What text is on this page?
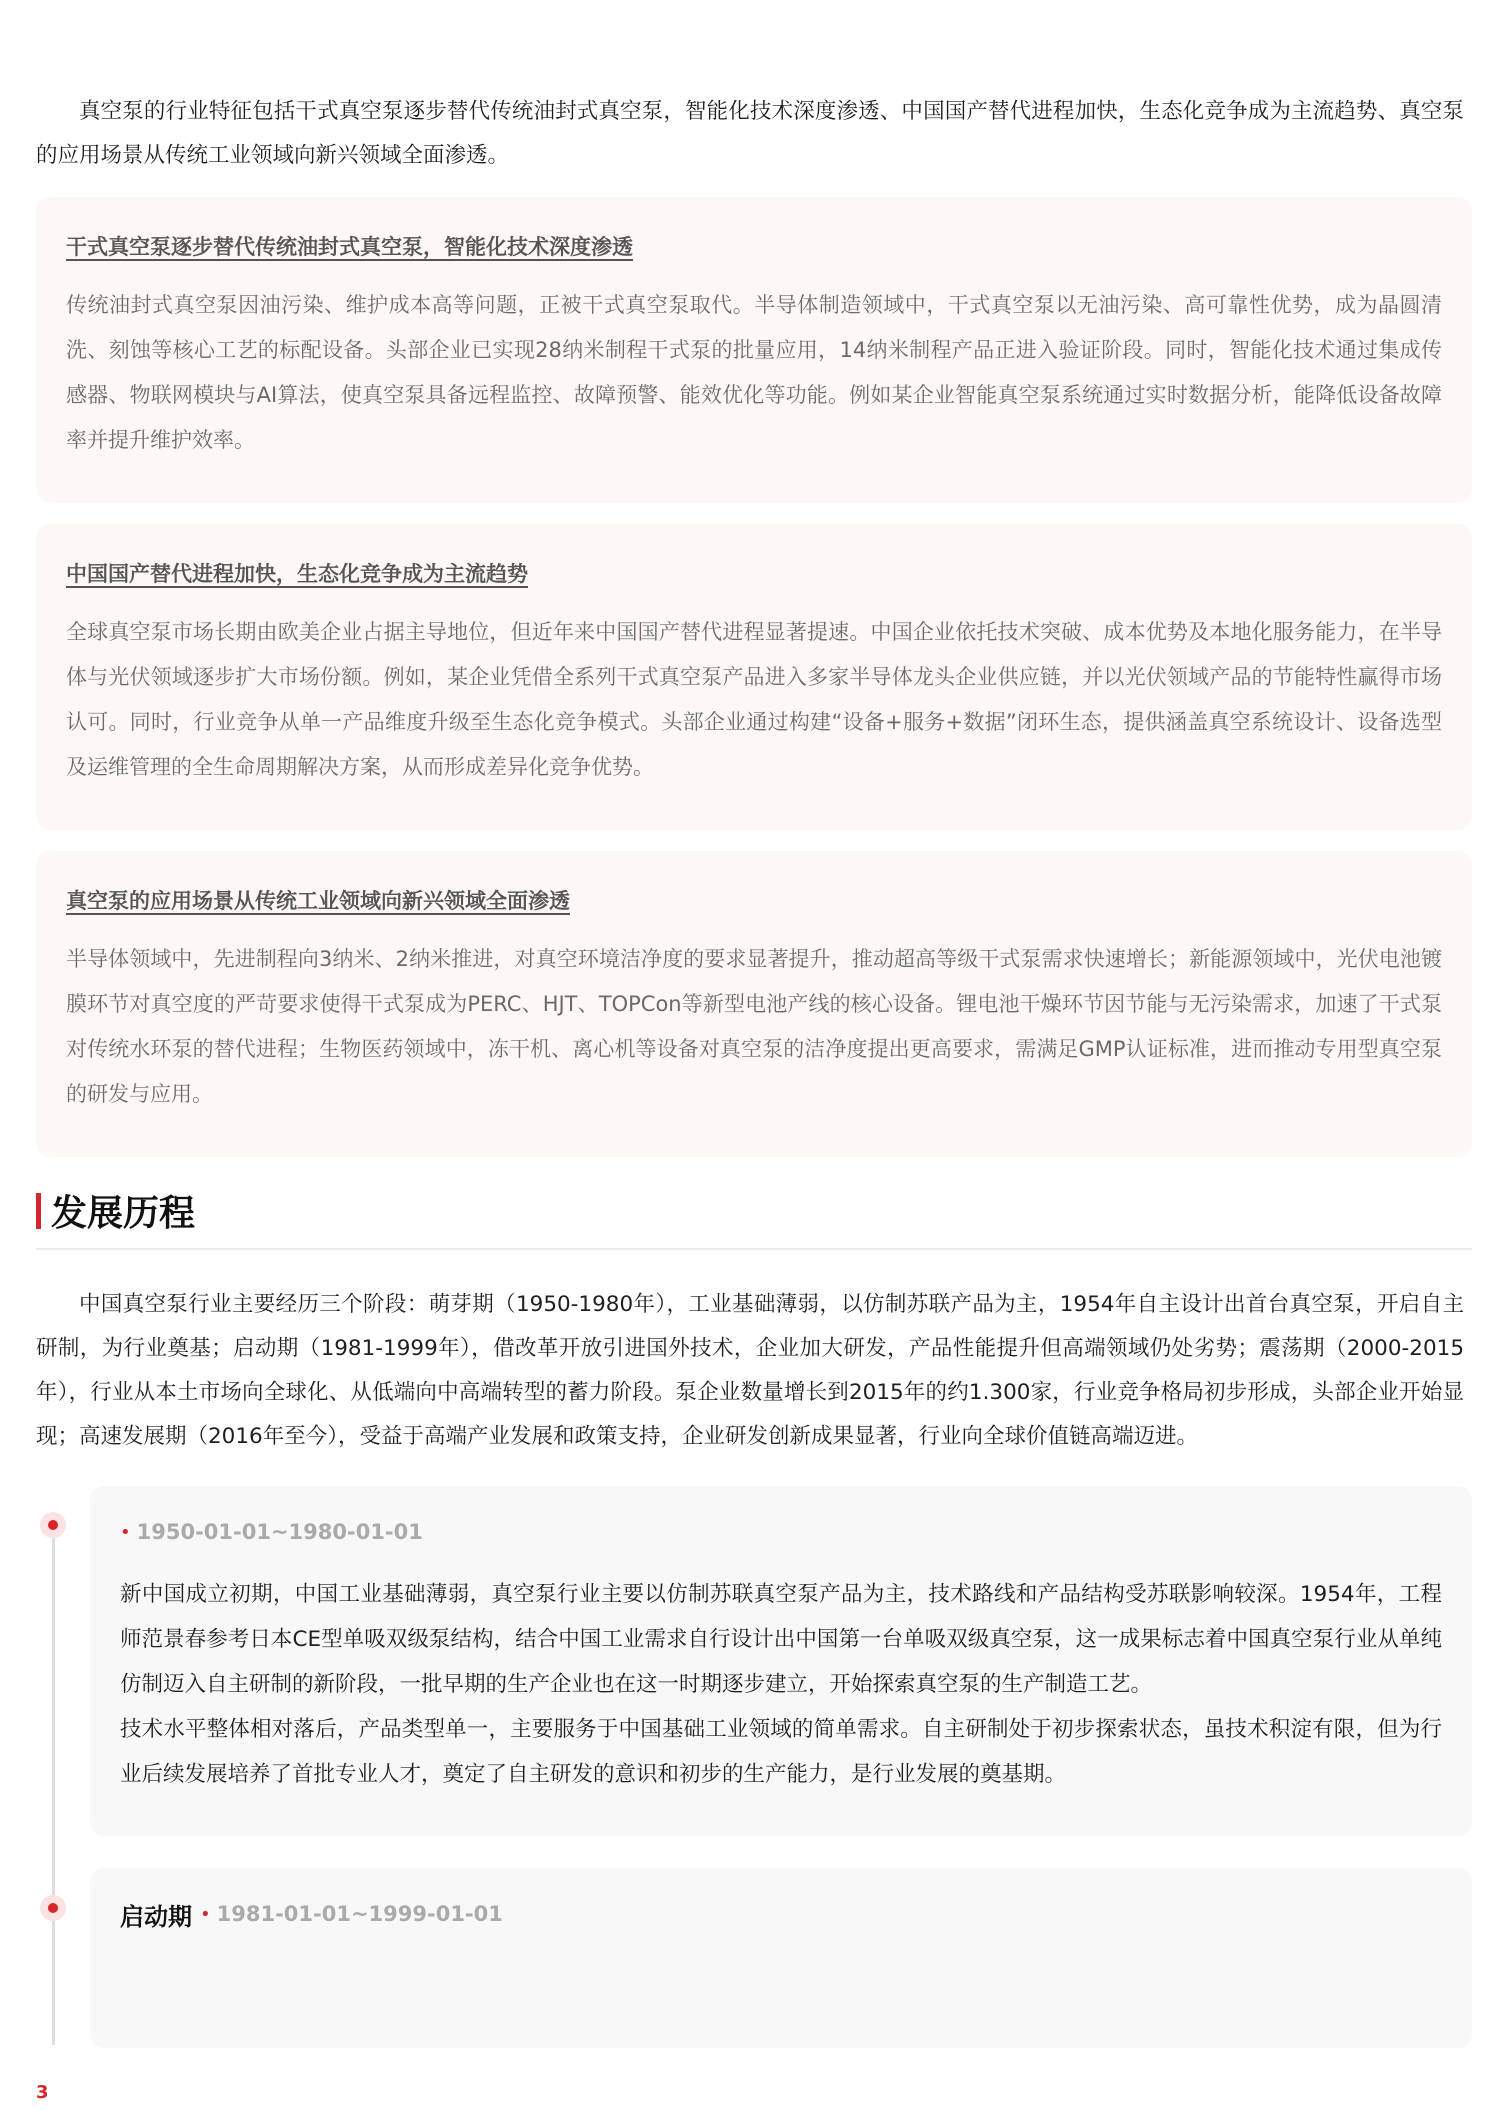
真空泵的行业特征包括干式真空泵逐步替代传统油封式真空泵，智能化技术深度渗透、中国国产替代进程加快，生态化竞争成为主流趋势、真空泵的应用场景从传统工业领域向新兴领域全面渗透。

干式真空泵逐步替代传统油封式真空泵，智能化技术深度渗透

传统油封式真空泵因油污染、维护成本高等问题，正被干式真空泵取代。半导体制造领域中，干式真空泵以无油污染、高可靠性优势，成为晶圆清洗、刻蚀等核心工艺的标配设备。头部企业已实现28纳米制程干式泵的批量应用，14纳米制程产品正进入验证阶段。同时，智能化技术通过集成传感器、物联网模块与AI算法，使真空泵具备远程监控、故障预警、能效优化等功能。例如某企业智能真空泵系统通过实时数据分析，能降低设备故障率并提升维护效率。

中国国产替代进程加快，生态化竞争成为主流趋势

全球真空泵市场长期由欧美企业占据主导地位，但近年来中国国产替代进程显著提速。中国企业依托技术突破、成本优势及本地化服务能力，在半导体与光伏领域逐步扩大市场份额。例如，某企业凭借全系列干式真空泵产品进入多家半导体龙头企业供应链，并以光伏领域产品的节能特性赢得市场认可。同时，行业竞争从单一产品维度升级至生态化竞争模式。头部企业通过构建“设备+服务+数据”闭环生态，提供涵盖真空系统设计、设备选型及运维管理的全生命周期解决方案，从而形成差异化竞争优势。

真空泵的应用场景从传统工业领域向新兴领域全面渗透

半导体领域中，先进制程向3纳米、2纳米推进，对真空环境洁净度的要求显著提升，推动超高等级干式泵需求快速增长；新能源领域中，光伏电池镀膜环节对真空度的严苛要求使得干式泵成为PERC、HJT、TOPCon等新型电池产线的核心设备。锂电池干燥环节因节能与无污染需求，加速了干式泵对传统水环泵的替代进程；生物医药领域中，冻干机、离心机等设备对真空泵的洁净度提出更高要求，需满足GMP认证标准，进而推动专用型真空泵的研发与应用。

发展历程

中国真空泵行业主要经历三个阶段：萌芽期（1950-1980年），工业基础薄弱，以仿制苏联产品为主，1954年自主设计出首台真空泵，开启自主研制，为行业奠基；启动期（1981-1999年），借改革开放引进国外技术，企业加大研发，产品性能提升但高端领域仍处劣势；震荡期（2000-2015年），行业从本土市场向全球化、从低端向中高端转型的蓄力阶段。泵企业数量增长到2015年的约1.300家，行业竞争格局初步形成，头部企业开始显现；高速发展期（2016年至今），受益于高端产业发展和政策支持，企业研发创新成果显著，行业向全球价值链高端迈进。

• 1950-01-01~1980-01-01

新中国成立初期，中国工业基础薄弱，真空泵行业主要以仿制苏联真空泵产品为主，技术路线和产品结构受苏联影响较深。1954年，工程师范景春参考日本CE型单吸双级泵结构，结合中国工业需求自行设计出中国第一台单吸双级真空泵，这一成果标志着中国真空泵行业从单纯仿制迈入自主研制的新阶段，一批早期的生产企业也在这一时期逐步建立，开始探索真空泵的生产制造工艺。

技术水平整体相对落后，产品类型单一，主要服务于中国基础工业领域的简单需求。自主研制处于初步探索状态，虽技术积淀有限，但为行业后续发展培养了首批专业人才，奠定了自主研发的意识和初步的生产能力，是行业发展的奠基期。

启动期 • 1981-01-01~1999-01-01
3
